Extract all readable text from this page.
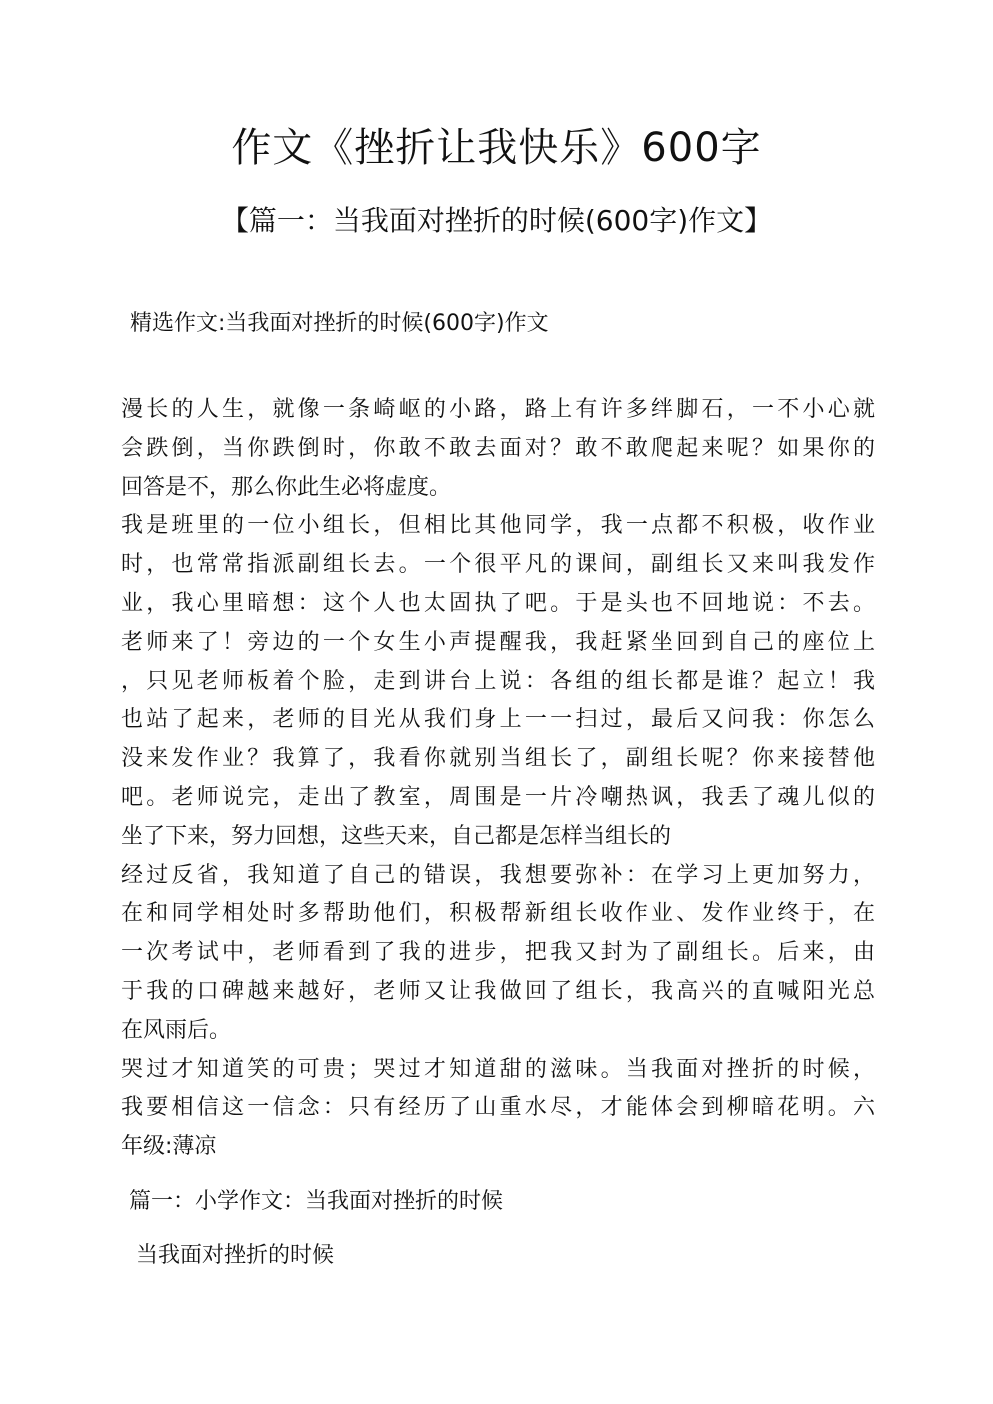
作文《挫折让我快乐》600字
【篇一：当我面对挫折的时候(600字)作文】

精选作文:当我面对挫折的时候(600字)作文

漫长的人生，就像一条崎岖的小路，路上有许多绊脚石，一不小心就
会跌倒，当你跌倒时，你敢不敢去面对？敢不敢爬起来呢？如果你的
回答是不，那么你此生必将虚度。
我是班里的一位小组长，但相比其他同学，我一点都不积极，收作业
时，也常常指派副组长去。一个很平凡的课间，副组长又来叫我发作
业，我心里暗想：这个人也太固执了吧。于是头也不回地说：不去。
老师来了！旁边的一个女生小声提醒我，我赶紧坐回到自己的座位上
，只见老师板着个脸，走到讲台上说：各组的组长都是谁？起立！我
也站了起来，老师的目光从我们身上一一扫过，最后又问我：你怎么
没来发作业？我算了，我看你就别当组长了，副组长呢？你来接替他
吧。老师说完，走出了教室，周围是一片冷嘲热讽，我丢了魂儿似的
坐了下来，努力回想，这些天来，自己都是怎样当组长的
经过反省，我知道了自己的错误，我想要弥补：在学习上更加努力，
在和同学相处时多帮助他们，积极帮新组长收作业、发作业终于，在
一次考试中，老师看到了我的进步，把我又封为了副组长。后来，由
于我的口碑越来越好，老师又让我做回了组长，我高兴的直喊阳光总
在风雨后。
哭过才知道笑的可贵；哭过才知道甜的滋味。当我面对挫折的时候，
我要相信这一信念：只有经历了山重水尽，才能体会到柳暗花明。六
年级:薄凉

篇一：小学作文：当我面对挫折的时候

当我面对挫折的时候
